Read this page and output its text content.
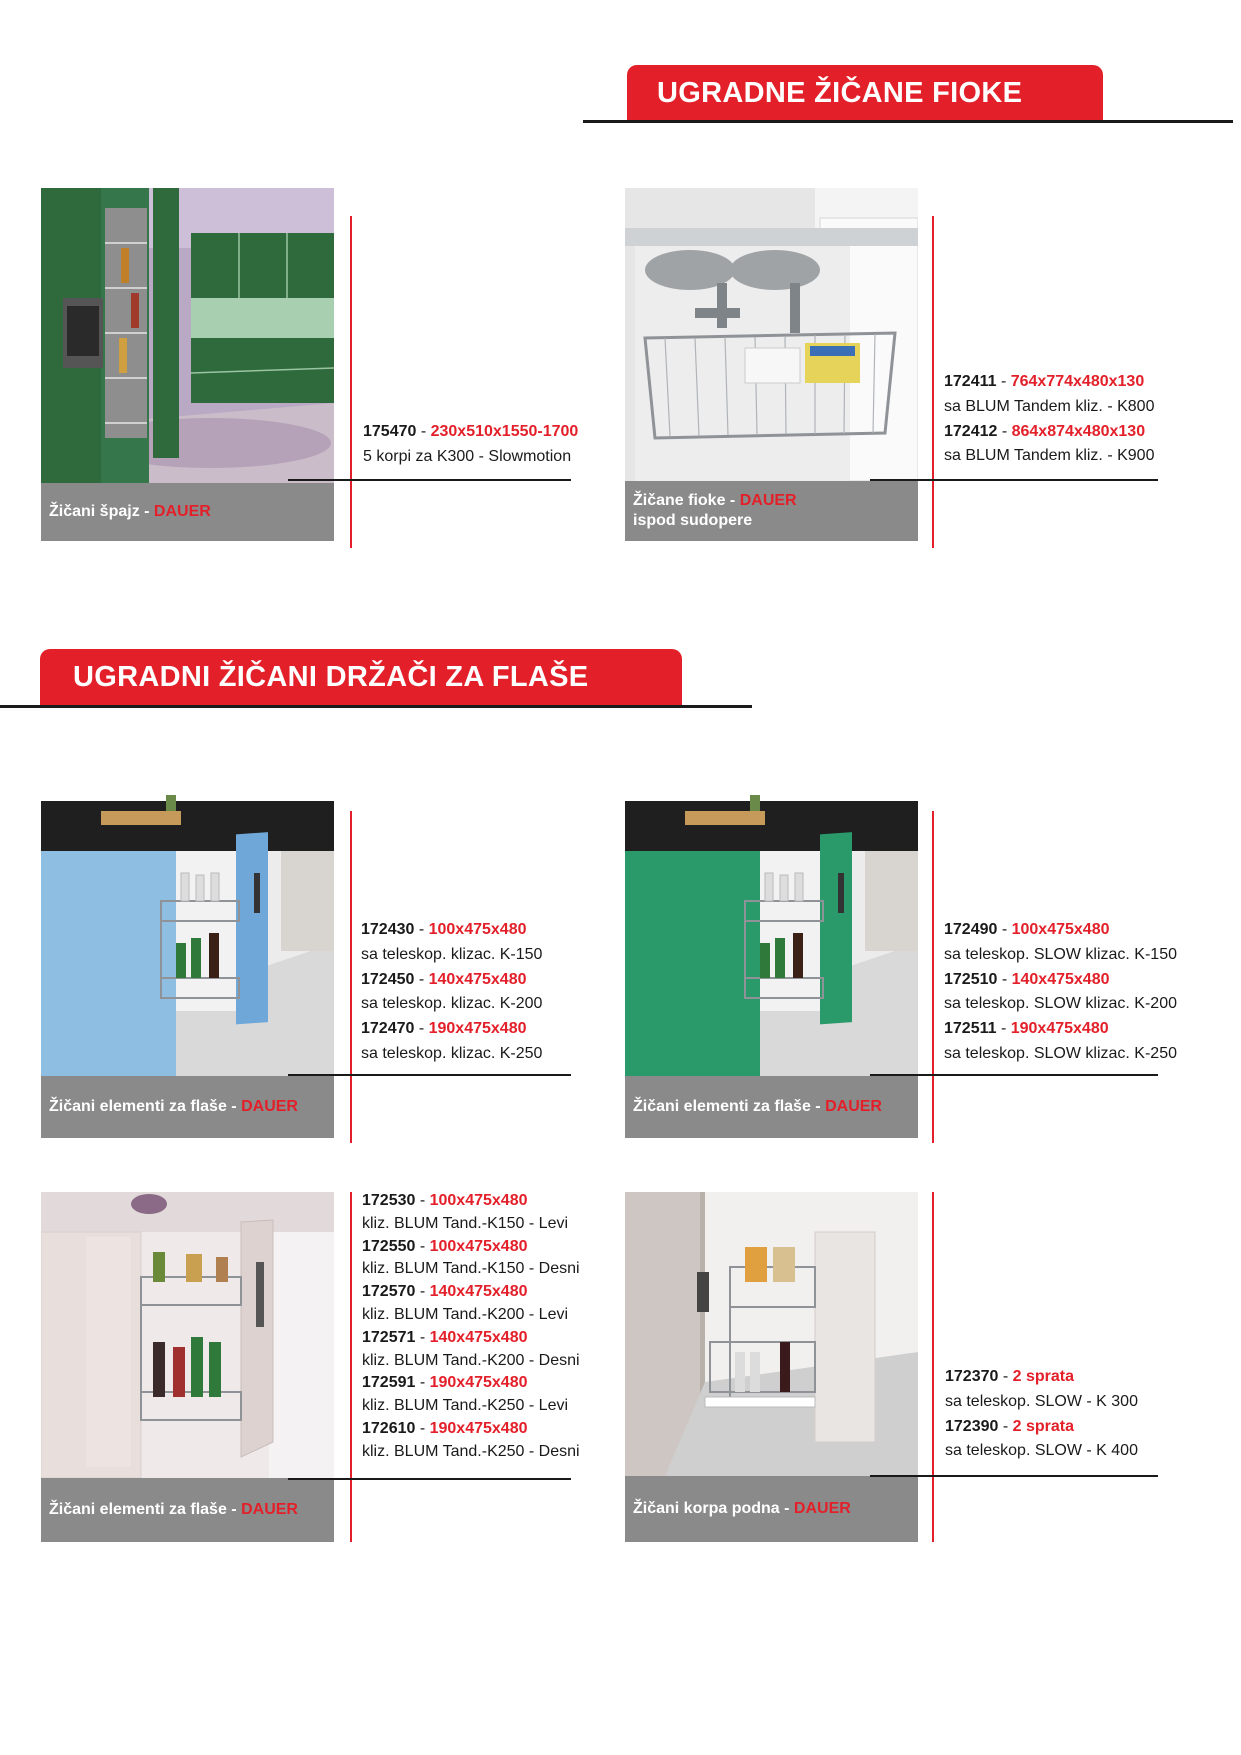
UGRADNE ŽIČANE FIOKE
UGRADNI ŽIČANI DRŽAČI ZA FLAŠE
Žičani špajz - DAUER
175470 - 230x510x1550-1700
5 korpi za K300 - Slowmotion
Žičane fioke - DAUER
ispod sudopere
172411 - 764x774x480x130
sa BLUM Tandem kliz. - K800
172412 - 864x874x480x130
sa BLUM Tandem kliz. - K900
Žičani elementi za flaše - DAUER
172430 - 100x475x480
sa teleskop. klizac. K-150
172450 - 140x475x480
sa teleskop. klizac. K-200
172470 - 190x475x480
sa teleskop. klizac. K-250
Žičani elementi za flaše - DAUER
172490 - 100x475x480
sa teleskop. SLOW klizac. K-150
172510 - 140x475x480
sa teleskop. SLOW klizac. K-200
172511 - 190x475x480
sa teleskop. SLOW klizac. K-250
Žičani elementi za flaše - DAUER
172530 - 100x475x480
kliz. BLUM Tand.-K150 - Levi
172550 - 100x475x480
kliz. BLUM Tand.-K150 - Desni
172570 - 140x475x480
kliz. BLUM Tand.-K200 - Levi
172571 - 140x475x480
kliz. BLUM Tand.-K200 - Desni
172591 - 190x475x480
kliz. BLUM Tand.-K250 - Levi
172610 - 190x475x480
kliz. BLUM Tand.-K250 - Desni
Žičani korpa podna - DAUER
172370 - 2 sprata
sa teleskop. SLOW - K 300
172390 - 2 sprata
sa teleskop. SLOW - K 400
